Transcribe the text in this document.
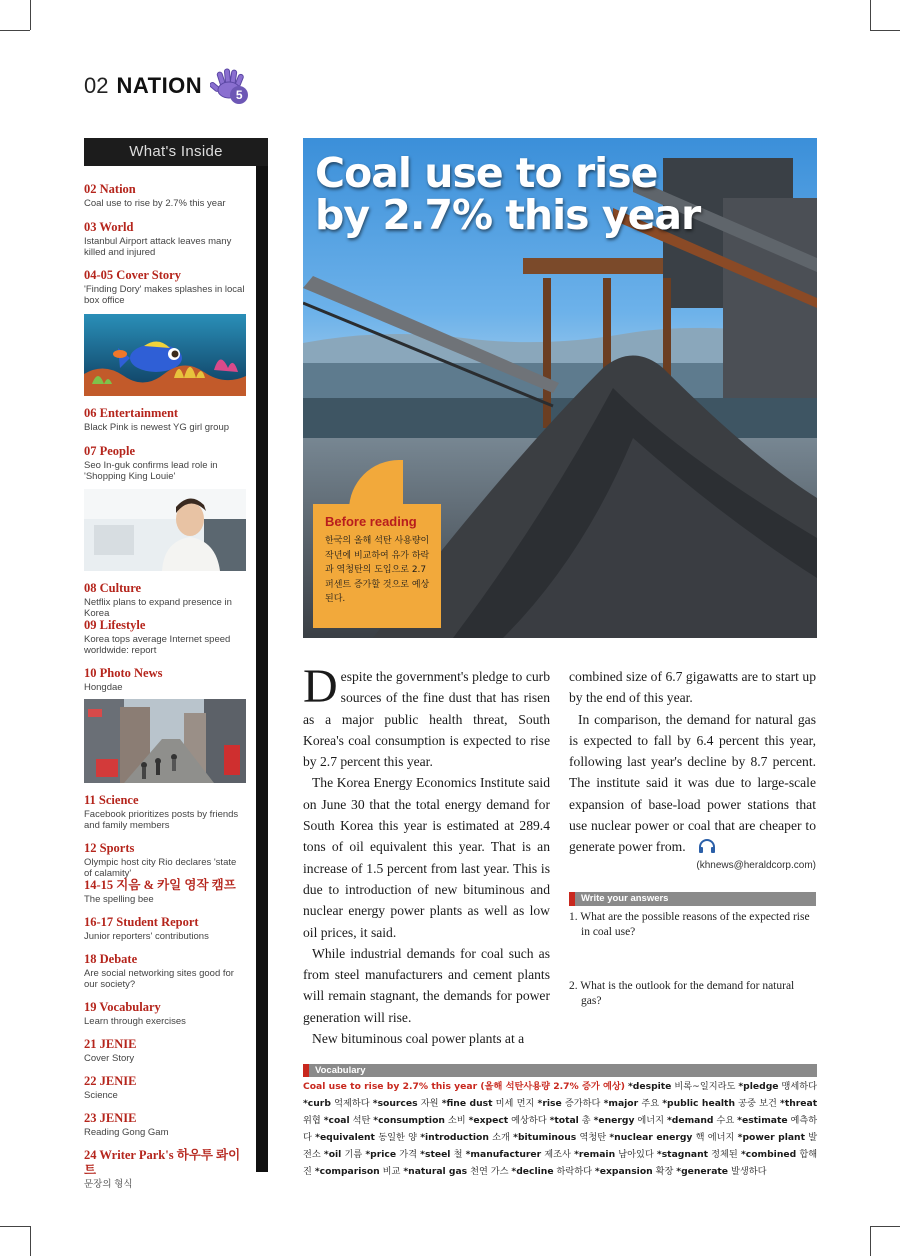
02 NATION	5
What's Inside
02 Nation
Coal use to rise by 2.7% this year
03 World
Istanbul Airport attack leaves many killed and injured
04-05 Cover Story
'Finding Dory' makes splashes in local box office
06 Entertainment
Black Pink is newest YG girl group
07 People
Seo In-guk confirms lead role in 'Shopping King Louie'
08 Culture
Netflix plans to expand presence in Korea
09 Lifestyle
Korea tops average Internet speed worldwide: report
10 Photo News
Hongdae
11 Science
Facebook prioritizes posts by friends and family members
12 Sports
Olympic host city Rio declares 'state of calamity'
14-15 지음 & 카일 영작 캠프
The spelling bee
16-17 Student Report
Junior reporters' contributions
18 Debate
Are social networking sites good for our society?
19 Vocabulary
Learn through exercises
21 JENIE
Cover Story
22 JENIE
Science
23 JENIE
Reading Gong Gam
24 Writer Park's 하우투 롸이트
문장의 형식
Coal use to rise by 2.7% this year
Before reading
한국의 올해 석탄 사용량이 작년에 비교하여 유가 하락과 역청탄의 도입으로 2.7 퍼센트 증가할 것으로 예상된다.

Despite the government's pledge to curb sources of the fine dust that has risen as a major public health threat, South Korea's coal consumption is expected to rise by 2.7 percent this year.

The Korea Energy Economics Institute said on June 30 that the total energy demand for South Korea this year is estimated at 289.4 tons of oil equivalent this year. That is an increase of 1.5 percent from last year. This is due to introduction of new bituminous and nuclear energy power plants as well as low oil prices, it said.

While industrial demands for coal such as from steel manufacturers and cement plants will remain stagnant, the demands for power generation will rise.

New bituminous coal power plants at a

combined size of 6.7 gigawatts are to start up by the end of this year.

In comparison, the demand for natural gas is expected to fall by 6.4 percent this year, following last year's decline by 8.7 percent. The institute said it was due to large-scale expansion of base-load power stations that use nuclear power or coal that are cheaper to generate power from.

(khnews@heraldcorp.com)
Write your answers
1. What are the possible reasons of the expected rise in coal use?
2. What is the outlook for the demand for natural gas?
Vocabulary
Coal use to rise by 2.7% this year (올해 석탄사용량 2.7% 증가 예상) *despite 비록~일지라도 *pledge 맹세하다 *curb 억제하다 *sources 자원 *fine dust 미세 먼지 *rise 증가하다 *major 주요 *public health 공중 보건 *threat 위협 *coal 석탄 *consumption 소비 *expect 예상하다 *total 총 *energy 에너지 *demand 수요 *estimate 예측하다 *equivalent 동일한 양 *introduction 소개 *bituminous 역청탄 *nuclear energy 핵 에너지 *power plant 발전소 *oil 기름 *price 가격 *steel 철 *manufacturer 제조사 *remain 남아있다 *stagnant 정체된 *combined 합해진 *comparison 비교 *natural gas 천연 가스 *decline 하락하다 *expansion 확장 *generate 발생하다
